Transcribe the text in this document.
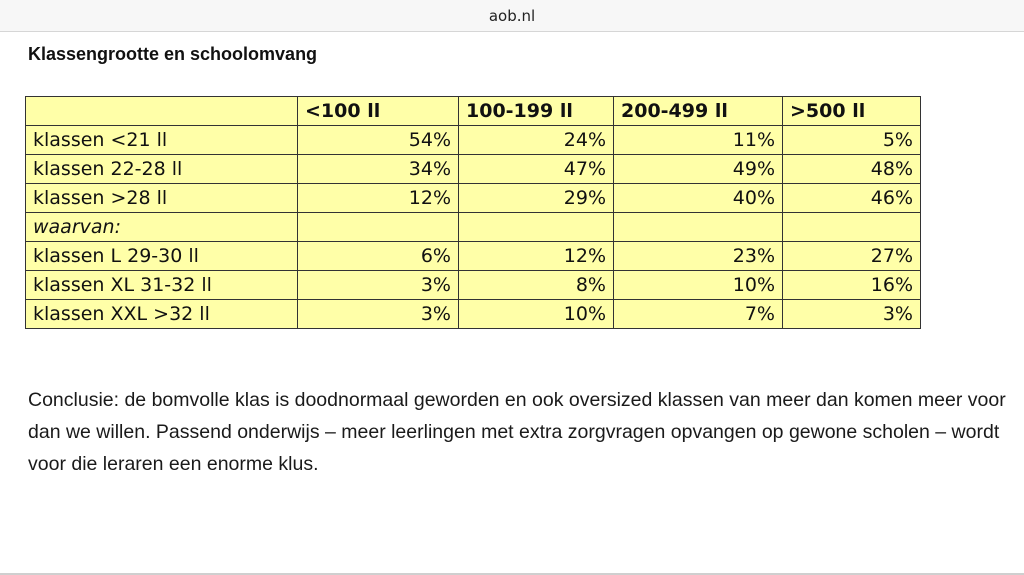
aob.nl
Klassengrootte en schoolomvang
	<100 ll	100-199 ll	200-499 ll	>500 ll
klassen <21 ll	54%	24%	11%	5%
klassen 22-28 ll	34%	47%	49%	48%
klassen >28 ll	12%	29%	40%	46%
waarvan:				
klassen L 29-30 ll	6%	12%	23%	27%
klassen XL 31-32 ll	3%	8%	10%	16%
klassen XXL >32 ll	3%	10%	7%	3%
Conclusie: de bomvolle klas is doodnormaal geworden en ook oversized klassen van meer dan komen meer voor dan we willen. Passend onderwijs – meer leerlingen met extra zorgvragen opvangen op gewone scholen – wordt voor die leraren een enorme klus.
